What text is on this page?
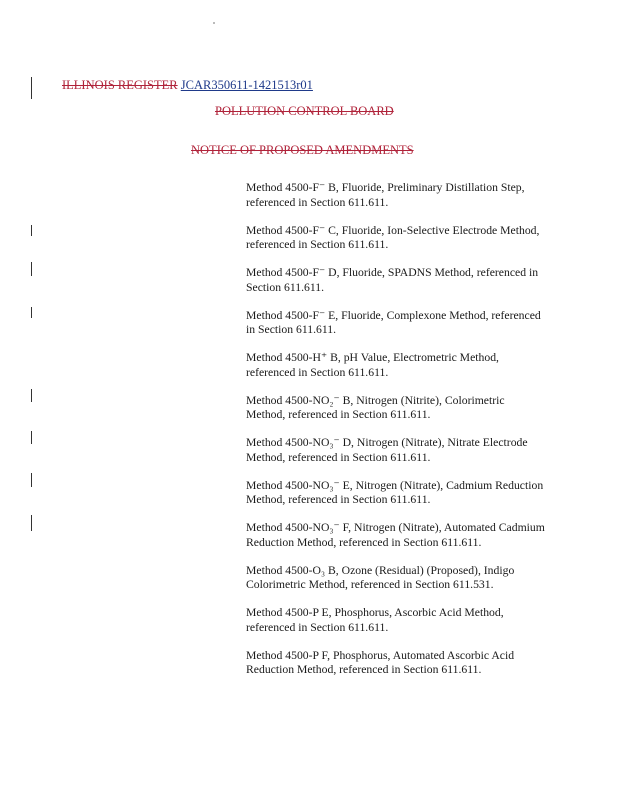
ILLINOIS REGISTER JCAR350611-1421513r01
POLLUTION CONTROL BOARD
NOTICE OF PROPOSED AMENDMENTS

Method 4500-F⁻ B, Fluoride, Preliminary Distillation Step, referenced in Section 611.611.

Method 4500-F⁻ C, Fluoride, Ion-Selective Electrode Method, referenced in Section 611.611.

Method 4500-F⁻ D, Fluoride, SPADNS Method, referenced in Section 611.611.

Method 4500-F⁻ E, Fluoride, Complexone Method, referenced in Section 611.611.

Method 4500-H⁺ B, pH Value, Electrometric Method, referenced in Section 611.611.

Method 4500-NO₂⁻ B, Nitrogen (Nitrite), Colorimetric Method, referenced in Section 611.611.

Method 4500-NO₃⁻ D, Nitrogen (Nitrate), Nitrate Electrode Method, referenced in Section 611.611.

Method 4500-NO₃⁻ E, Nitrogen (Nitrate), Cadmium Reduction Method, referenced in Section 611.611.

Method 4500-NO₃⁻ F, Nitrogen (Nitrate), Automated Cadmium Reduction Method, referenced in Section 611.611.

Method 4500-O₃ B, Ozone (Residual) (Proposed), Indigo Colorimetric Method, referenced in Section 611.531.

Method 4500-P E, Phosphorus, Ascorbic Acid Method, referenced in Section 611.611.

Method 4500-P F, Phosphorus, Automated Ascorbic Acid Reduction Method, referenced in Section 611.611.
